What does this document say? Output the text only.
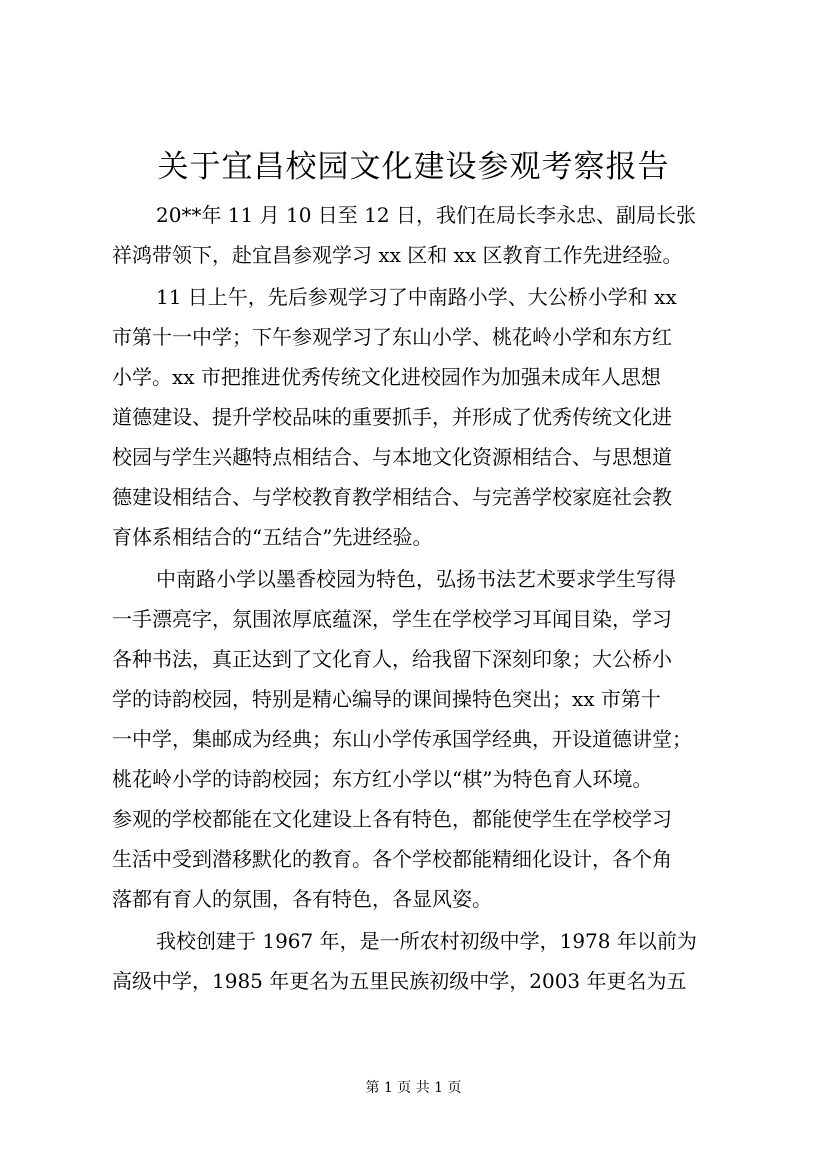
关于宜昌校园文化建设参观考察报告
20**年 11 月 10 日至 12 日，我们在局长李永忠、副局长张
祥鸿带领下，赴宜昌参观学习 xx 区和 xx 区教育工作先进经验。
11 日上午，先后参观学习了中南路小学、大公桥小学和 xx
市第十一中学；下午参观学习了东山小学、桃花岭小学和东方红
小学。xx 市把推进优秀传统文化进校园作为加强未成年人思想
道德建设、提升学校品味的重要抓手，并形成了优秀传统文化进
校园与学生兴趣特点相结合、与本地文化资源相结合、与思想道
德建设相结合、与学校教育教学相结合、与完善学校家庭社会教
育体系相结合的“五结合”先进经验。
中南路小学以墨香校园为特色，弘扬书法艺术要求学生写得
一手漂亮字，氛围浓厚底蕴深，学生在学校学习耳闻目染，学习
各种书法，真正达到了文化育人，给我留下深刻印象；大公桥小
学的诗韵校园，特别是精心编导的课间操特色突出；xx 市第十
一中学，集邮成为经典；东山小学传承国学经典，开设道德讲堂；
桃花岭小学的诗韵校园；东方红小学以“棋”为特色育人环境。
参观的学校都能在文化建设上各有特色，都能使学生在学校学习
生活中受到潜移默化的教育。各个学校都能精细化设计，各个角
落都有育人的氛围，各有特色，各显风姿。
我校创建于 1967 年，是一所农村初级中学，1978 年以前为
高级中学，1985 年更名为五里民族初级中学，2003 年更名为五
第 1 页 共 1 页
